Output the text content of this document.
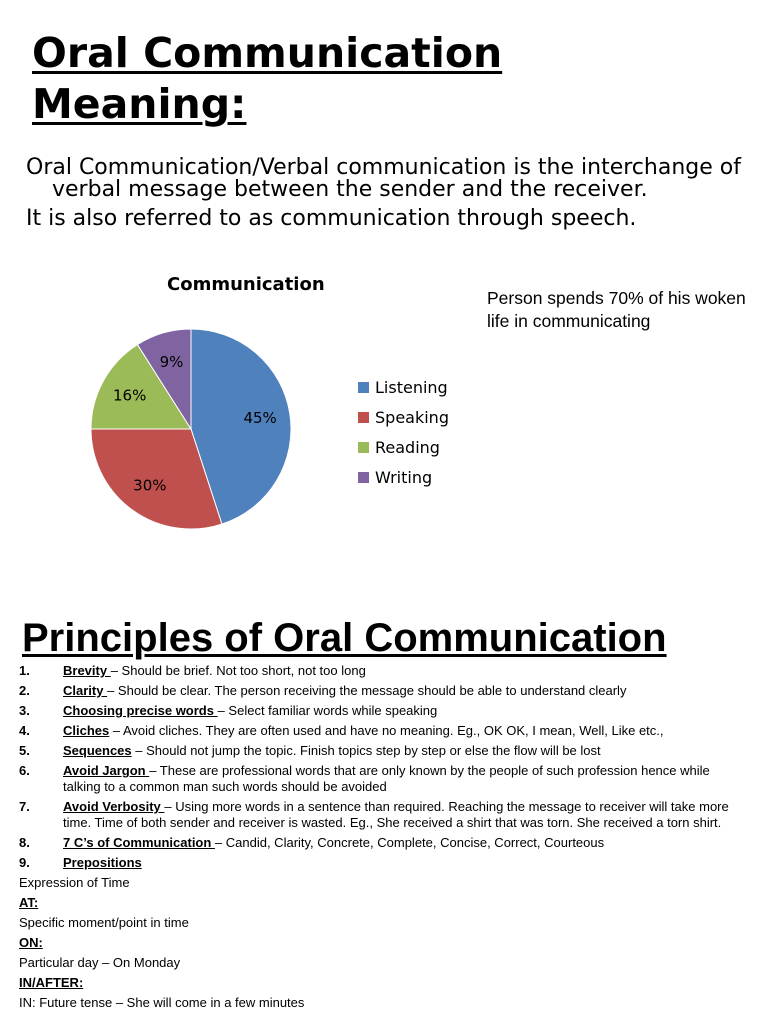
Oral Communication
Meaning:

Oral Communication/Verbal communication is the interchange of verbal message between the sender and the receiver.

It is also referred to as communication through speech.

Communication
45%
30%
16%
9%
Listening
Speaking
Reading
Writing
Person spends 70% of his woken life in communicating
Principles of Oral Communication
1.	Brevity – Should be brief. Not too short, not too long
2.	Clarity – Should be clear. The person receiving the message should be able to understand clearly
3.	Choosing precise words – Select familiar words while speaking
4.	Cliches – Avoid cliches. They are often used and have no meaning. Eg., OK OK, I mean, Well, Like etc.,
5.	Sequences – Should not jump the topic. Finish topics step by step or else the flow will be lost
6.	Avoid Jargon – These are professional words that are only known by the people of such profession hence while talking to a common man such words should be avoided
7.	Avoid Verbosity – Using more words in a sentence than required. Reaching the message to receiver will take more time. Time of both sender and receiver is wasted. Eg., She received a shirt that was torn. She received a torn shirt.
8.	7 C’s of Communication – Candid, Clarity, Concrete, Complete, Concise, Correct, Courteous
9.	Prepositions
Expression of Time
AT:
Specific moment/point in time
ON:
Particular day – On Monday
IN/AFTER:
IN: Future tense – She will come in a few minutes
